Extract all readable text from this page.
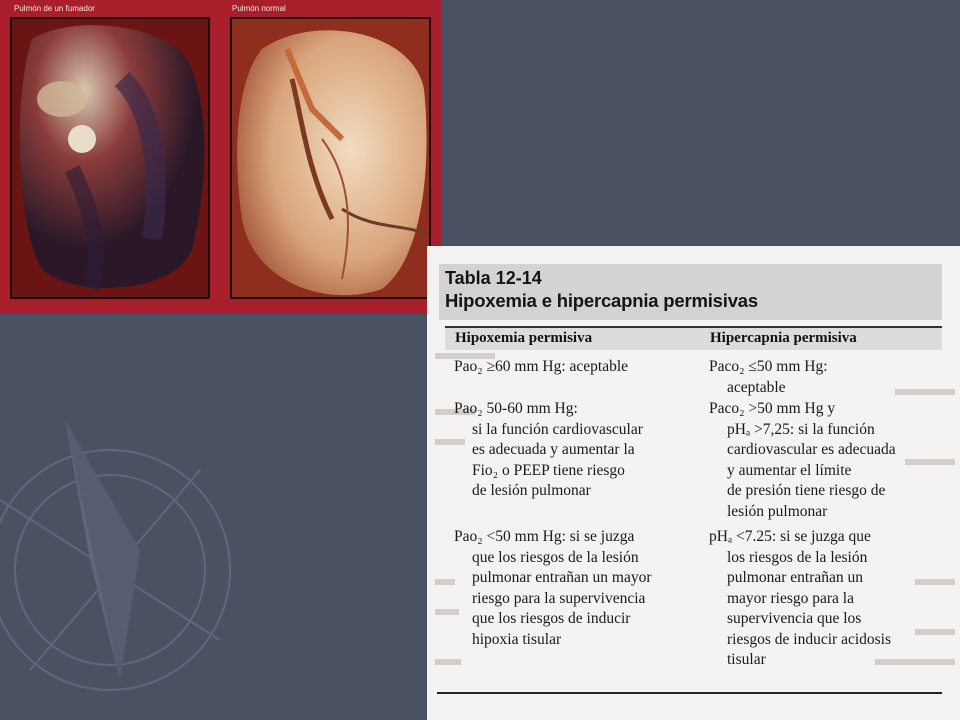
Pulmón de un fumador	Pulmón normal
Tabla 12-14
Hipoxemia e hipercapnia permisivas
Hipoxemia permisiva	Hipercapnia permisiva
Pao₂ ≥60 mm Hg: aceptable
Pao₂ 50-60 mm Hg:
si la función cardiovascular
es adecuada y aumentar la
Fio₂ o PEEP tiene riesgo
de lesión pulmonar
Pao₂ <50 mm Hg: si se juzga
que los riesgos de la lesión
pulmonar entrañan un mayor
riesgo para la supervivencia
que los riesgos de inducir
hipoxia tisular
Paco₂ ≤50 mm Hg:
aceptable
Paco₂ >50 mm Hg y
pHₐ >7,25: si la función
cardiovascular es adecuada
y aumentar el límite
de presión tiene riesgo de
lesión pulmonar
pHₐ <7.25: si se juzga que
los riesgos de la lesión
pulmonar entrañan un
mayor riesgo para la
supervivencia que los
riesgos de inducir acidosis
tisular
